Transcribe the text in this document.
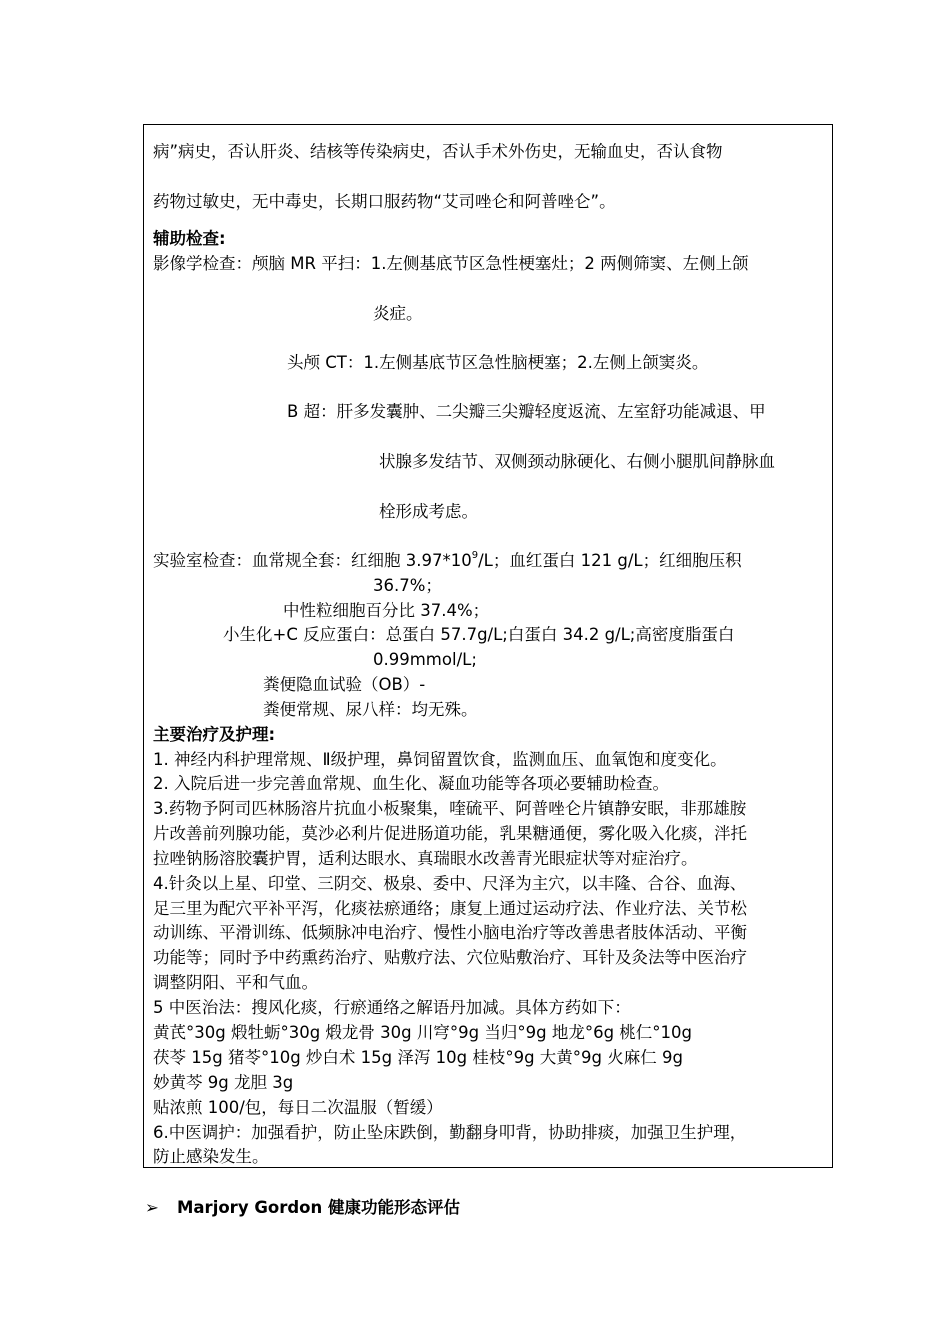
病”病史，否认肝炎、结核等传染病史，否认手术外伤史，无输血史，否认食物
药物过敏史，无中毒史，长期口服药物“艾司唑仑和阿普唑仑”。
辅助检查:
影像学检查：颅脑 MR 平扫：1.左侧基底节区急性梗塞灶；2 两侧筛窦、左侧上颌
炎症。
头颅 CT：1.左侧基底节区急性脑梗塞；2.左侧上颌窦炎。
B 超：肝多发囊肿、二尖瓣三尖瓣轻度返流、左室舒功能减退、甲
状腺多发结节、双侧颈动脉硬化、右侧小腿肌间静脉血
栓形成考虑。
实验室检查：血常规全套：红细胞 $3.97*10^9/L$；血红蛋白 121 g/L；红细胞压积
36.7%；
中性粒细胞百分比 37.4%；
小生化+C 反应蛋白：总蛋白 57.7g/L;白蛋白 34.2 g/L;高密度脂蛋白
0.99mmol/L;
粪便隐血试验（OB）-
粪便常规、尿八样：均无殊。
主要治疗及护理:
1. 神经内科护理常规、Ⅱ级护理，鼻饲留置饮食，监测血压、血氧饱和度变化。
2. 入院后进一步完善血常规、血生化、凝血功能等各项必要辅助检查。
3.药物予阿司匹林肠溶片抗血小板聚集，喹硫平、阿普唑仑片镇静安眠，非那雄胺
片改善前列腺功能，莫沙必利片促进肠道功能，乳果糖通便，雾化吸入化痰，泮托
拉唑钠肠溶胶囊护胃，适利达眼水、真瑞眼水改善青光眼症状等对症治疗。
4.针灸以上星、印堂、三阴交、极泉、委中、尺泽为主穴，以丰隆、合谷、血海、
足三里为配穴平补平泻，化痰祛瘀通络；康复上通过运动疗法、作业疗法、关节松
动训练、平滑训练、低频脉冲电治疗、慢性小脑电治疗等改善患者肢体活动、平衡
功能等；同时予中药熏药治疗、贴敷疗法、穴位贴敷治疗、耳针及灸法等中医治疗
调整阴阳、平和气血。
5 中医治法：搜风化痰，行瘀通络之解语丹加减。具体方药如下：
黄芪°30g 煅牡蛎°30g 煅龙骨 30g 川穹°9g 当归°9g 地龙°6g 桃仁°10g
茯苓 15g 猪苓°10g 炒白术 15g 泽泻 10g 桂枝°9g 大黄°9g 火麻仁 9g
妙黄芩 9g 龙胆 3g
贴浓煎 100/包，每日二次温服（暂缓）
6.中医调护：加强看护，防止坠床跌倒，勤翻身叩背，协助排痰，加强卫生护理，
防止感染发生。
➢ Marjory Gordon 健康功能形态评估
